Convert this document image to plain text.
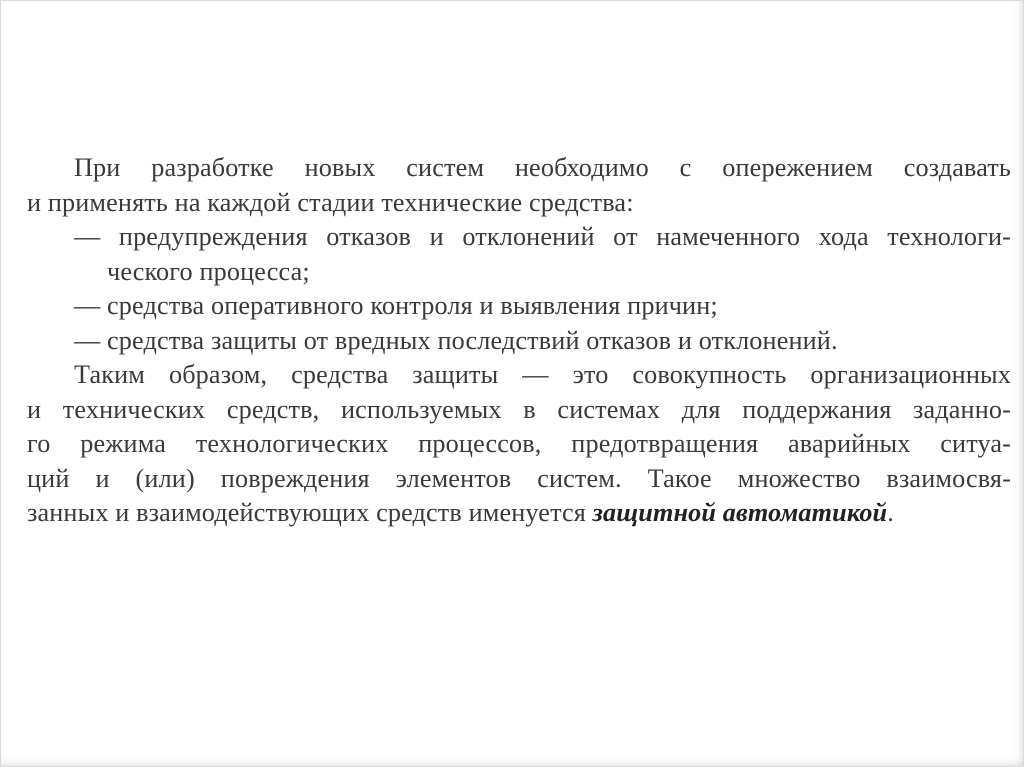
При разработке новых систем необходимо с опережением создавать
и применять на каждой стадии технические средства:
— предупреждения отказов и отклонений от намеченного хода технологи-
ческого процесса;
— средства оперативного контроля и выявления причин;
— средства защиты от вредных последствий отказов и отклонений.
Таким образом, средства защиты — это совокупность организационных
и технических средств, используемых в системах для поддержания заданно-
го режима технологических процессов, предотвращения аварийных ситуа-
ций и (или) повреждения элементов систем. Такое множество взаимосвя-
занных и взаимодействующих средств именуется защитной автоматикой.
